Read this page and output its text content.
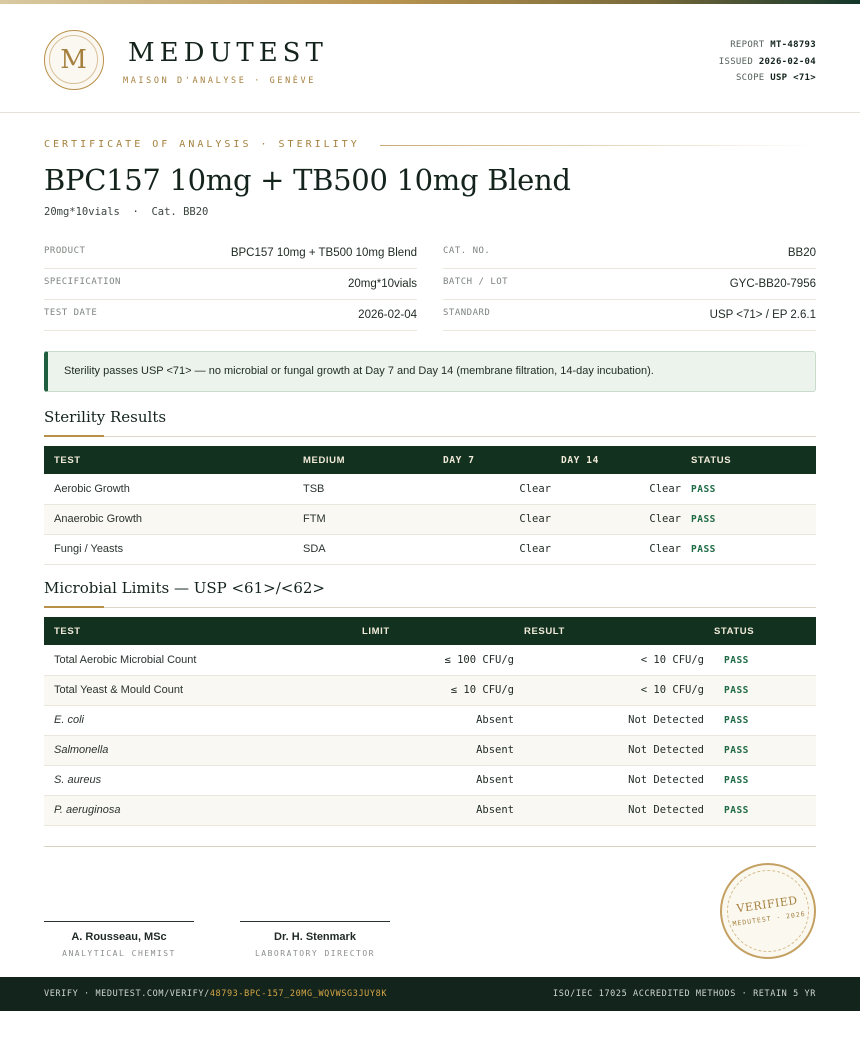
M	MEDUTEST
MAISON D'ANALYSE · GENÈVE
REPORT MT-48793
ISSUED 2026-02-04
SCOPE USP <71>
CERTIFICATE OF ANALYSIS · STERILITY
BPC157 10mg + TB500 10mg Blend
20mg*10vials  ·  Cat. BB20
PRODUCT	BPC157 10mg + TB500 10mg Blend
SPECIFICATION	20mg*10vials
TEST DATE	2026-02-04
CAT. NO.	BB20
BATCH / LOT	GYC-BB20-7956
STANDARD	USP <71> / EP 2.6.1
Sterility passes USP <71> — no microbial or fungal growth at Day 7 and Day 14 (membrane filtration, 14-day incubation).
Sterility Results
TEST	MEDIUM	DAY 7	DAY 14	STATUS
Aerobic Growth	TSB	Clear	Clear	PASS
Anaerobic Growth	FTM	Clear	Clear	PASS
Fungi / Yeasts	SDA	Clear	Clear	PASS
Microbial Limits — USP <61>/<62>
TEST	LIMIT	RESULT	STATUS
Total Aerobic Microbial Count	≤ 100 CFU/g	< 10 CFU/g	PASS
Total Yeast & Mould Count	≤ 10 CFU/g	< 10 CFU/g	PASS
E. coli	Absent	Not Detected	PASS
Salmonella	Absent	Not Detected	PASS
S. aureus	Absent	Not Detected	PASS
P. aeruginosa	Absent	Not Detected	PASS
A. Rousseau, MSc
ANALYTICAL CHEMIST
Dr. H. Stenmark
LABORATORY DIRECTOR
VERIFIED
MEDUTEST · 2026
VERIFY · MEDUTEST.COM/VERIFY/48793-BPC-157_20MG_WQVWSG3JUY8K	ISO/IEC 17025 ACCREDITED METHODS · RETAIN 5 YR
